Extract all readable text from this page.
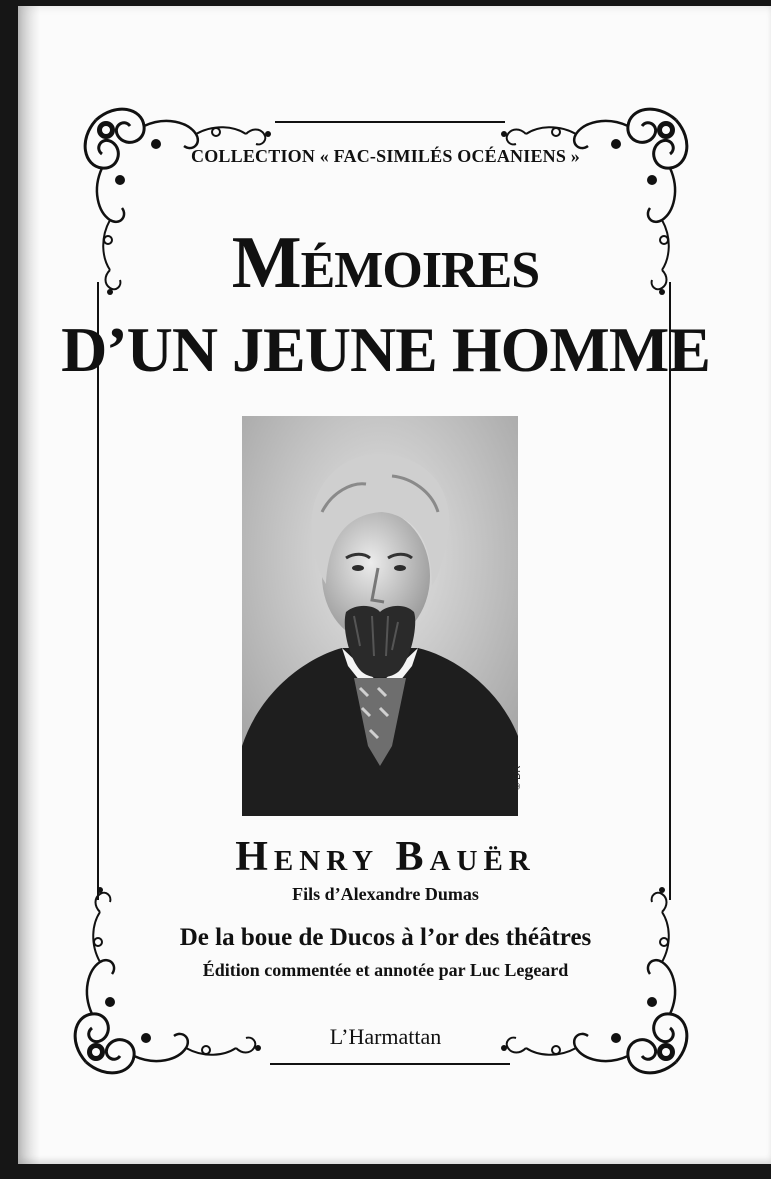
COLLECTION « FAC-SIMILÉS OCÉANIENS »
Mémoires
D’UN JEUNE HOMME
© DR
Henry Bauër
Fils d’Alexandre Dumas
De la boue de Ducos à l’or des théâtres
Édition commentée et annotée par Luc Legeard
L’Harmattan
